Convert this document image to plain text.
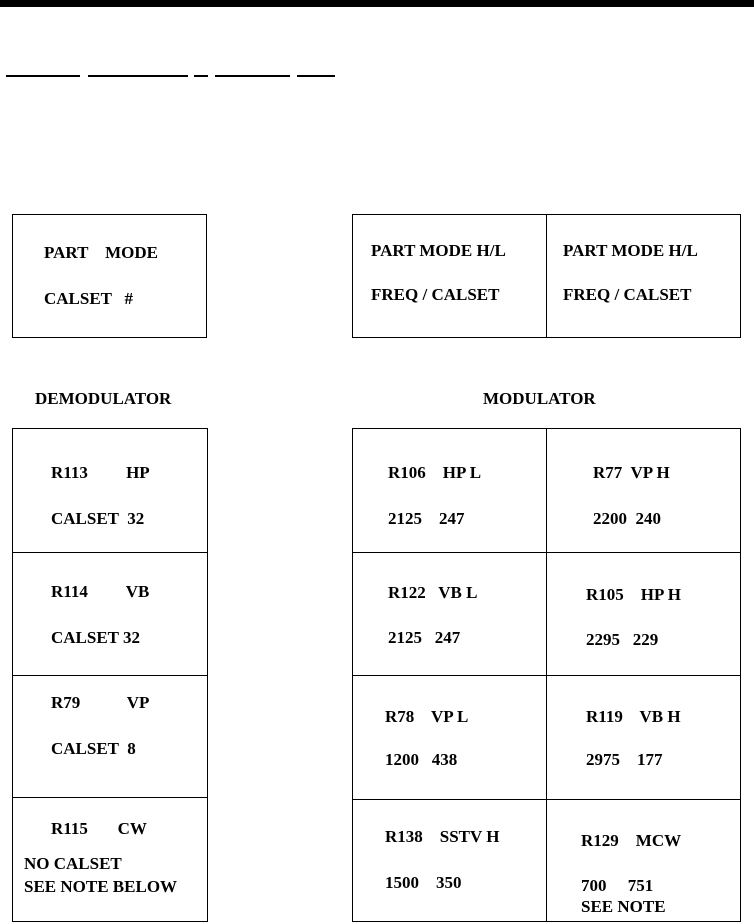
PART    MODE
CALSET   #
PART MODE H/L
FREQ / CALSET
PART MODE H/L
FREQ / CALSET
DEMODULATOR	MODULATOR
R113         HP
CALSET  32
R114         VB
CALSET 32
R79           VP
CALSET  8
R115       CW
NO CALSET
SEE NOTE BELOW
R106    HP L
2125    247
R77  VP H
2200  240
R122   VB L
2125   247
R105    HP H
2295   229
R78    VP L
1200   438
R119    VB H
2975    177
R138    SSTV H
1500    350
R129    MCW
700     751
SEE NOTE
